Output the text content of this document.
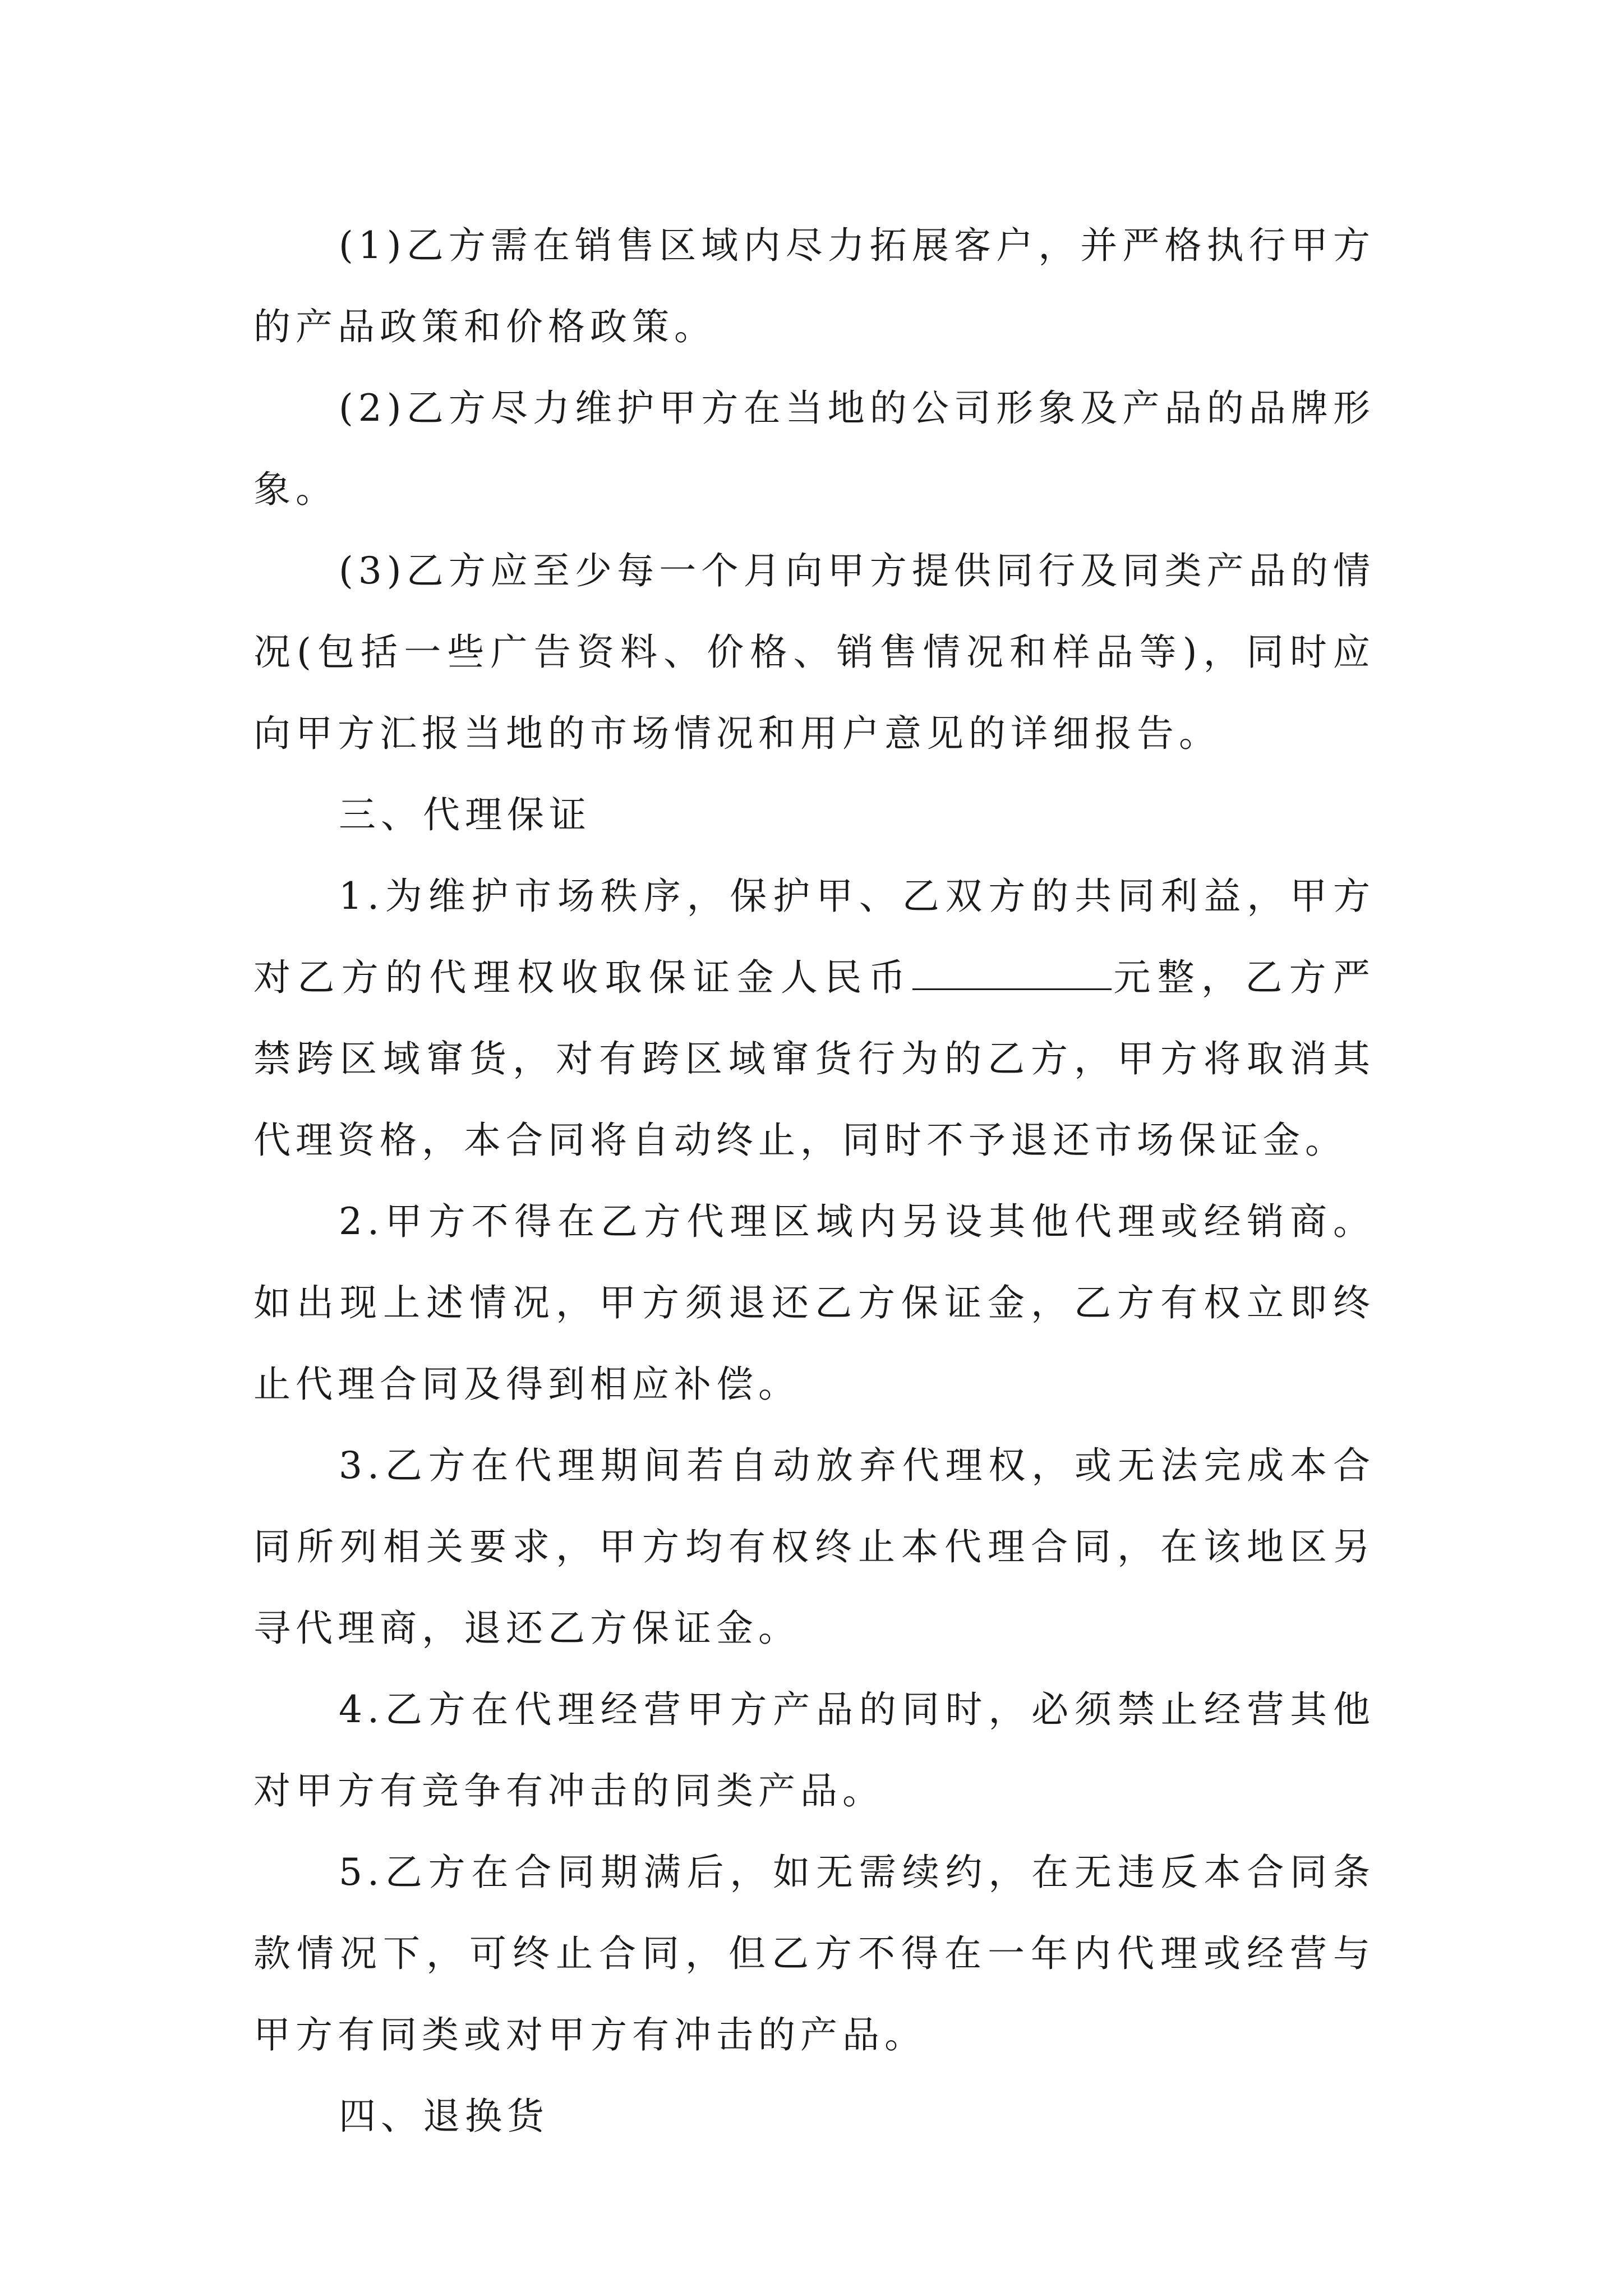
(1)乙方需在销售区域内尽力拓展客户，并严格执行甲方的产品政策和价格政策。

(2)乙方尽力维护甲方在当地的公司形象及产品的品牌形象。

(3)乙方应至少每一个月向甲方提供同行及同类产品的情况(包括一些广告资料、价格、销售情况和样品等)，同时应向甲方汇报当地的市场情况和用户意见的详细报告。

三、代理保证

1.为维护市场秩序，保护甲、乙双方的共同利益，甲方对乙方的代理权收取保证金人民币	元整，乙方严禁跨区域窜货，对有跨区域窜货行为的乙方，甲方将取消其代理资格，本合同将自动终止，同时不予退还市场保证金。

2.甲方不得在乙方代理区域内另设其他代理或经销商。如出现上述情况，甲方须退还乙方保证金，乙方有权立即终止代理合同及得到相应补偿。

3.乙方在代理期间若自动放弃代理权，或无法完成本合同所列相关要求，甲方均有权终止本代理合同，在该地区另寻代理商，退还乙方保证金。

4.乙方在代理经营甲方产品的同时，必须禁止经营其他对甲方有竞争有冲击的同类产品。

5.乙方在合同期满后，如无需续约，在无违反本合同条款情况下，可终止合同，但乙方不得在一年内代理或经营与甲方有同类或对甲方有冲击的产品。

四、退换货
